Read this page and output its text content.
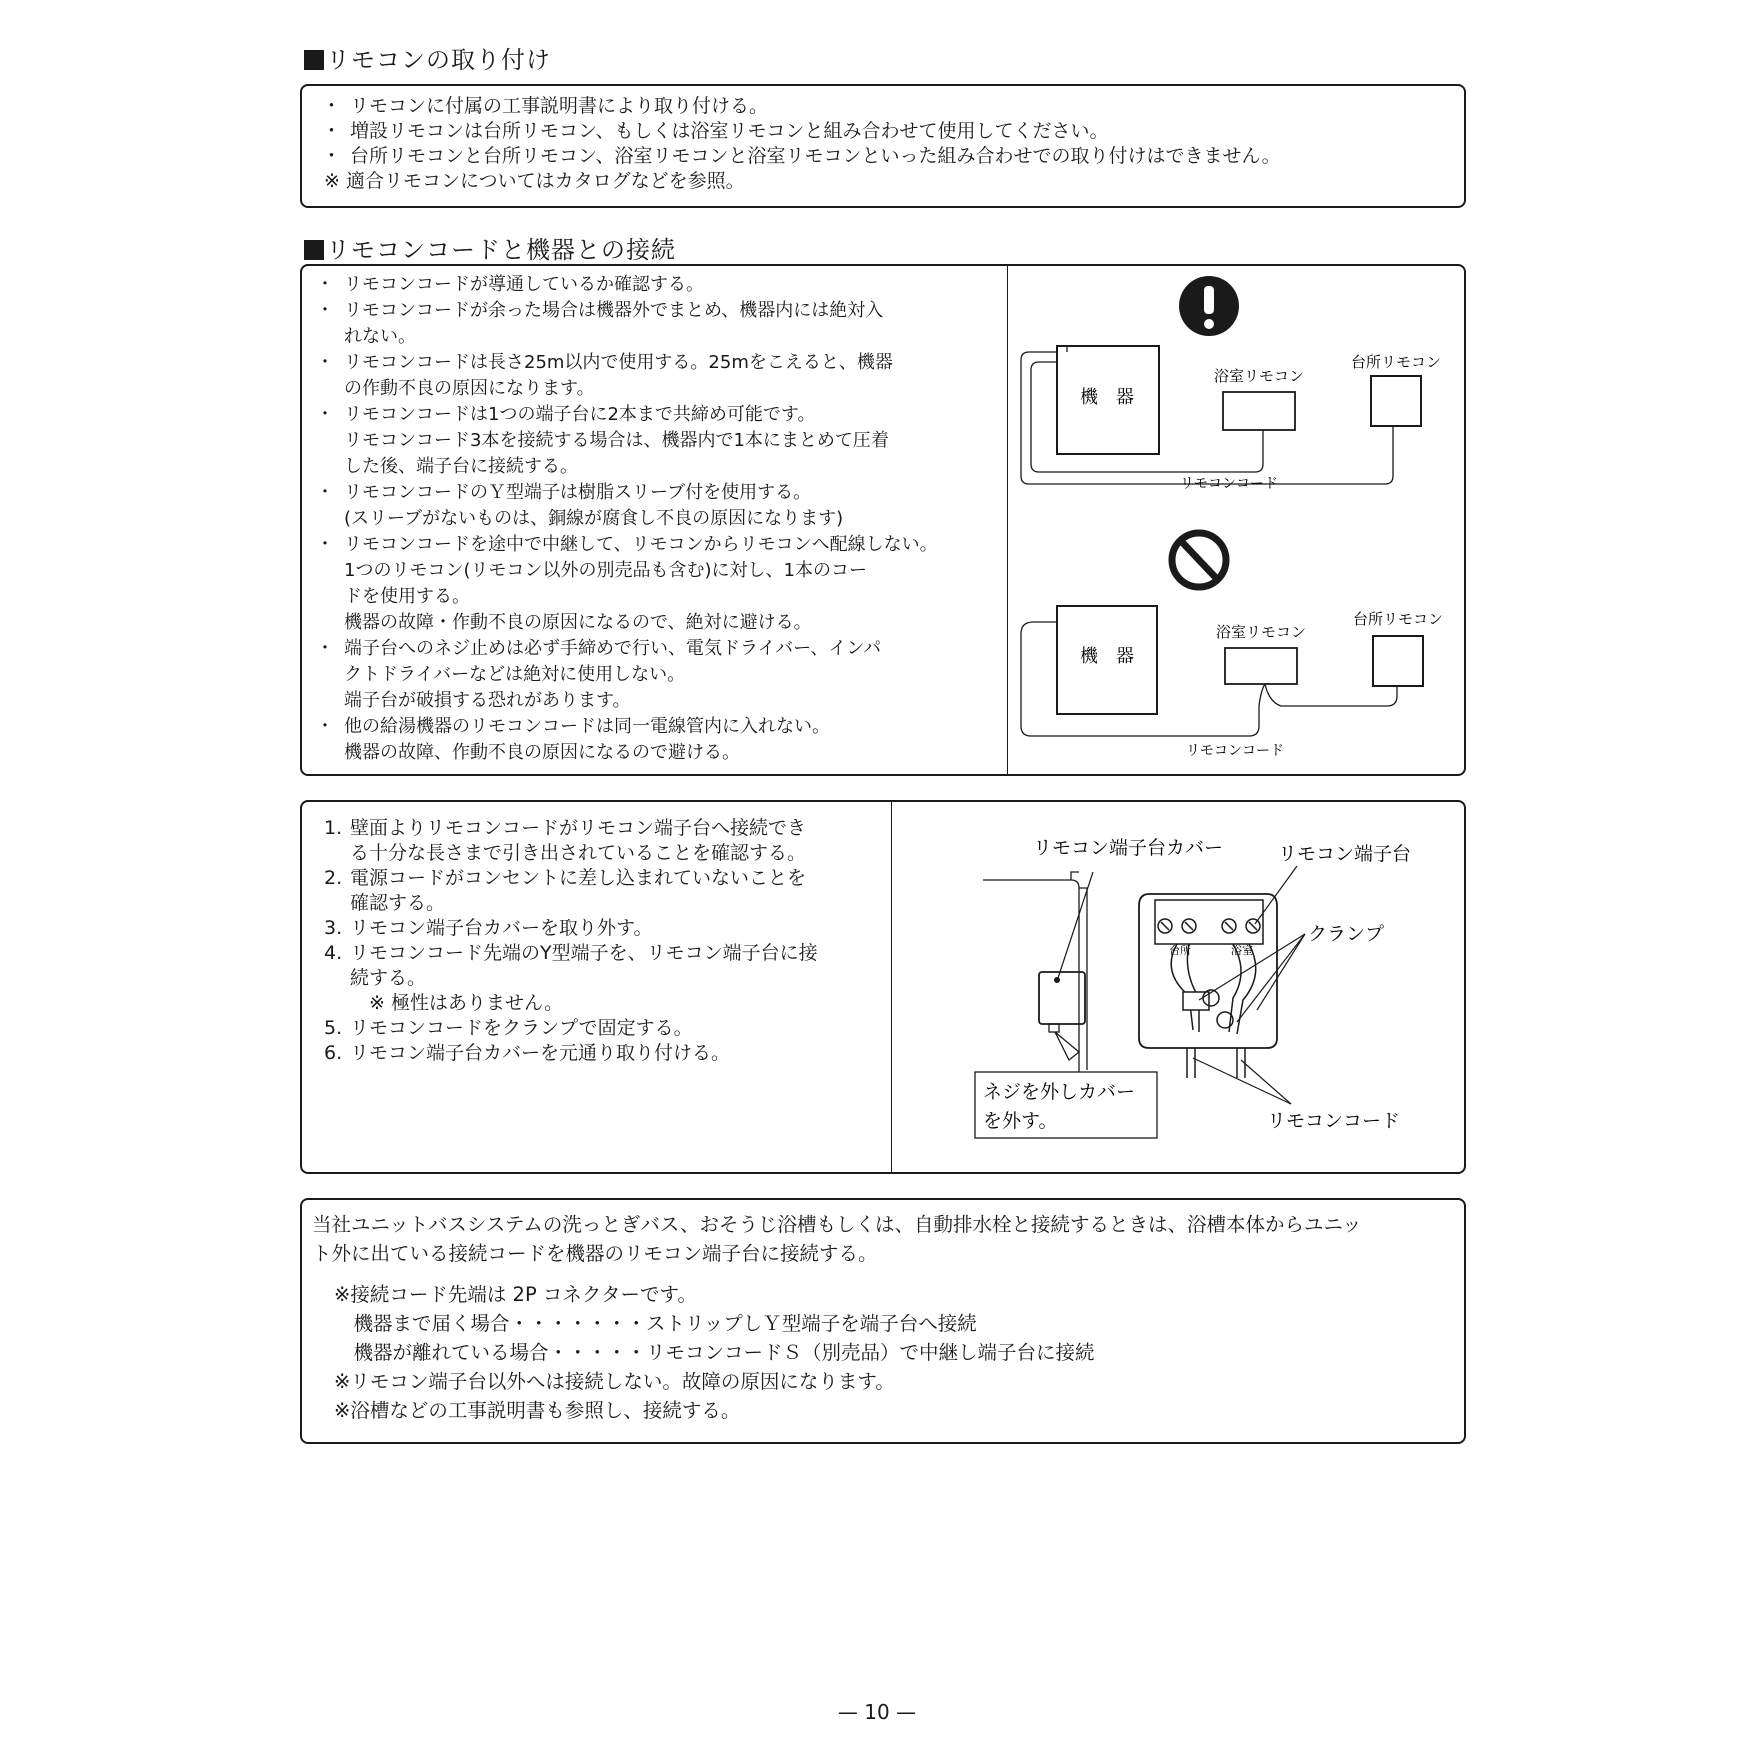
リモコンの取り付け
・ リモコンに付属の工事説明書により取り付ける。
・ 増設リモコンは台所リモコン、もしくは浴室リモコンと組み合わせて使用してください。
・ 台所リモコンと台所リモコン、浴室リモコンと浴室リモコンといった組み合わせでの取り付けはできません。
※ 適合リモコンについてはカタログなどを参照。
リモコンコードと機器との接続
・ リモコンコードが導通しているか確認する。
・ リモコンコードが余った場合は機器外でまとめ、機器内には絶対入
れない。
・ リモコンコードは長さ25m以内で使用する。25mをこえると、機器
の作動不良の原因になります。
・ リモコンコードは1つの端子台に2本まで共締め可能です。
リモコンコード3本を接続する場合は、機器内で1本にまとめて圧着
した後、端子台に接続する。
・ リモコンコードのＹ型端子は樹脂スリーブ付を使用する。
(スリーブがないものは、銅線が腐食し不良の原因になります)
・ リモコンコードを途中で中継して、リモコンからリモコンへ配線しない。
1つのリモコン(リモコン以外の別売品も含む)に対し、1本のコー
ドを使用する。
機器の故障・作動不良の原因になるので、絶対に避ける。
・ 端子台へのネジ止めは必ず手締めで行い、電気ドライバー、インパ
クトドライバーなどは絶対に使用しない。
端子台が破損する恐れがあります。
・ 他の給湯機器のリモコンコードは同一電線管内に入れない。
機器の故障、作動不良の原因になるので避ける。
機　器
浴室リモコン
台所リモコン
リモコンコード
機　器
浴室リモコン
台所リモコン
リモコンコード
1. 壁面よりリモコンコードがリモコン端子台へ接続でき
る十分な長さまで引き出されていることを確認する。
2. 電源コードがコンセントに差し込まれていないことを
確認する。
3. リモコン端子台カバーを取り外す。
4. リモコンコード先端のY型端子を、リモコン端子台に接
続する。
　※ 極性はありません。
5. リモコンコードをクランプで固定する。
6. リモコン端子台カバーを元通り取り付ける。
リモコン端子台カバー	リモコン端子台
クランプ
リモコンコード
台所	浴室
ネジを外しカバー
を外す。
当社ユニットバスシステムの洗っとぎバス、おそうじ浴槽もしくは、自動排水栓と接続するときは、浴槽本体からユニッ
ト外に出ている接続コードを機器のリモコン端子台に接続する。
※接続コード先端は 2P コネクターです。
　機器まで届く場合・・・・・・・ストリップしＹ型端子を端子台へ接続
　機器が離れている場合・・・・・リモコンコードＳ（別売品）で中継し端子台に接続
※リモコン端子台以外へは接続しない。故障の原因になります。
※浴槽などの工事説明書も参照し、接続する。
— 10 —
